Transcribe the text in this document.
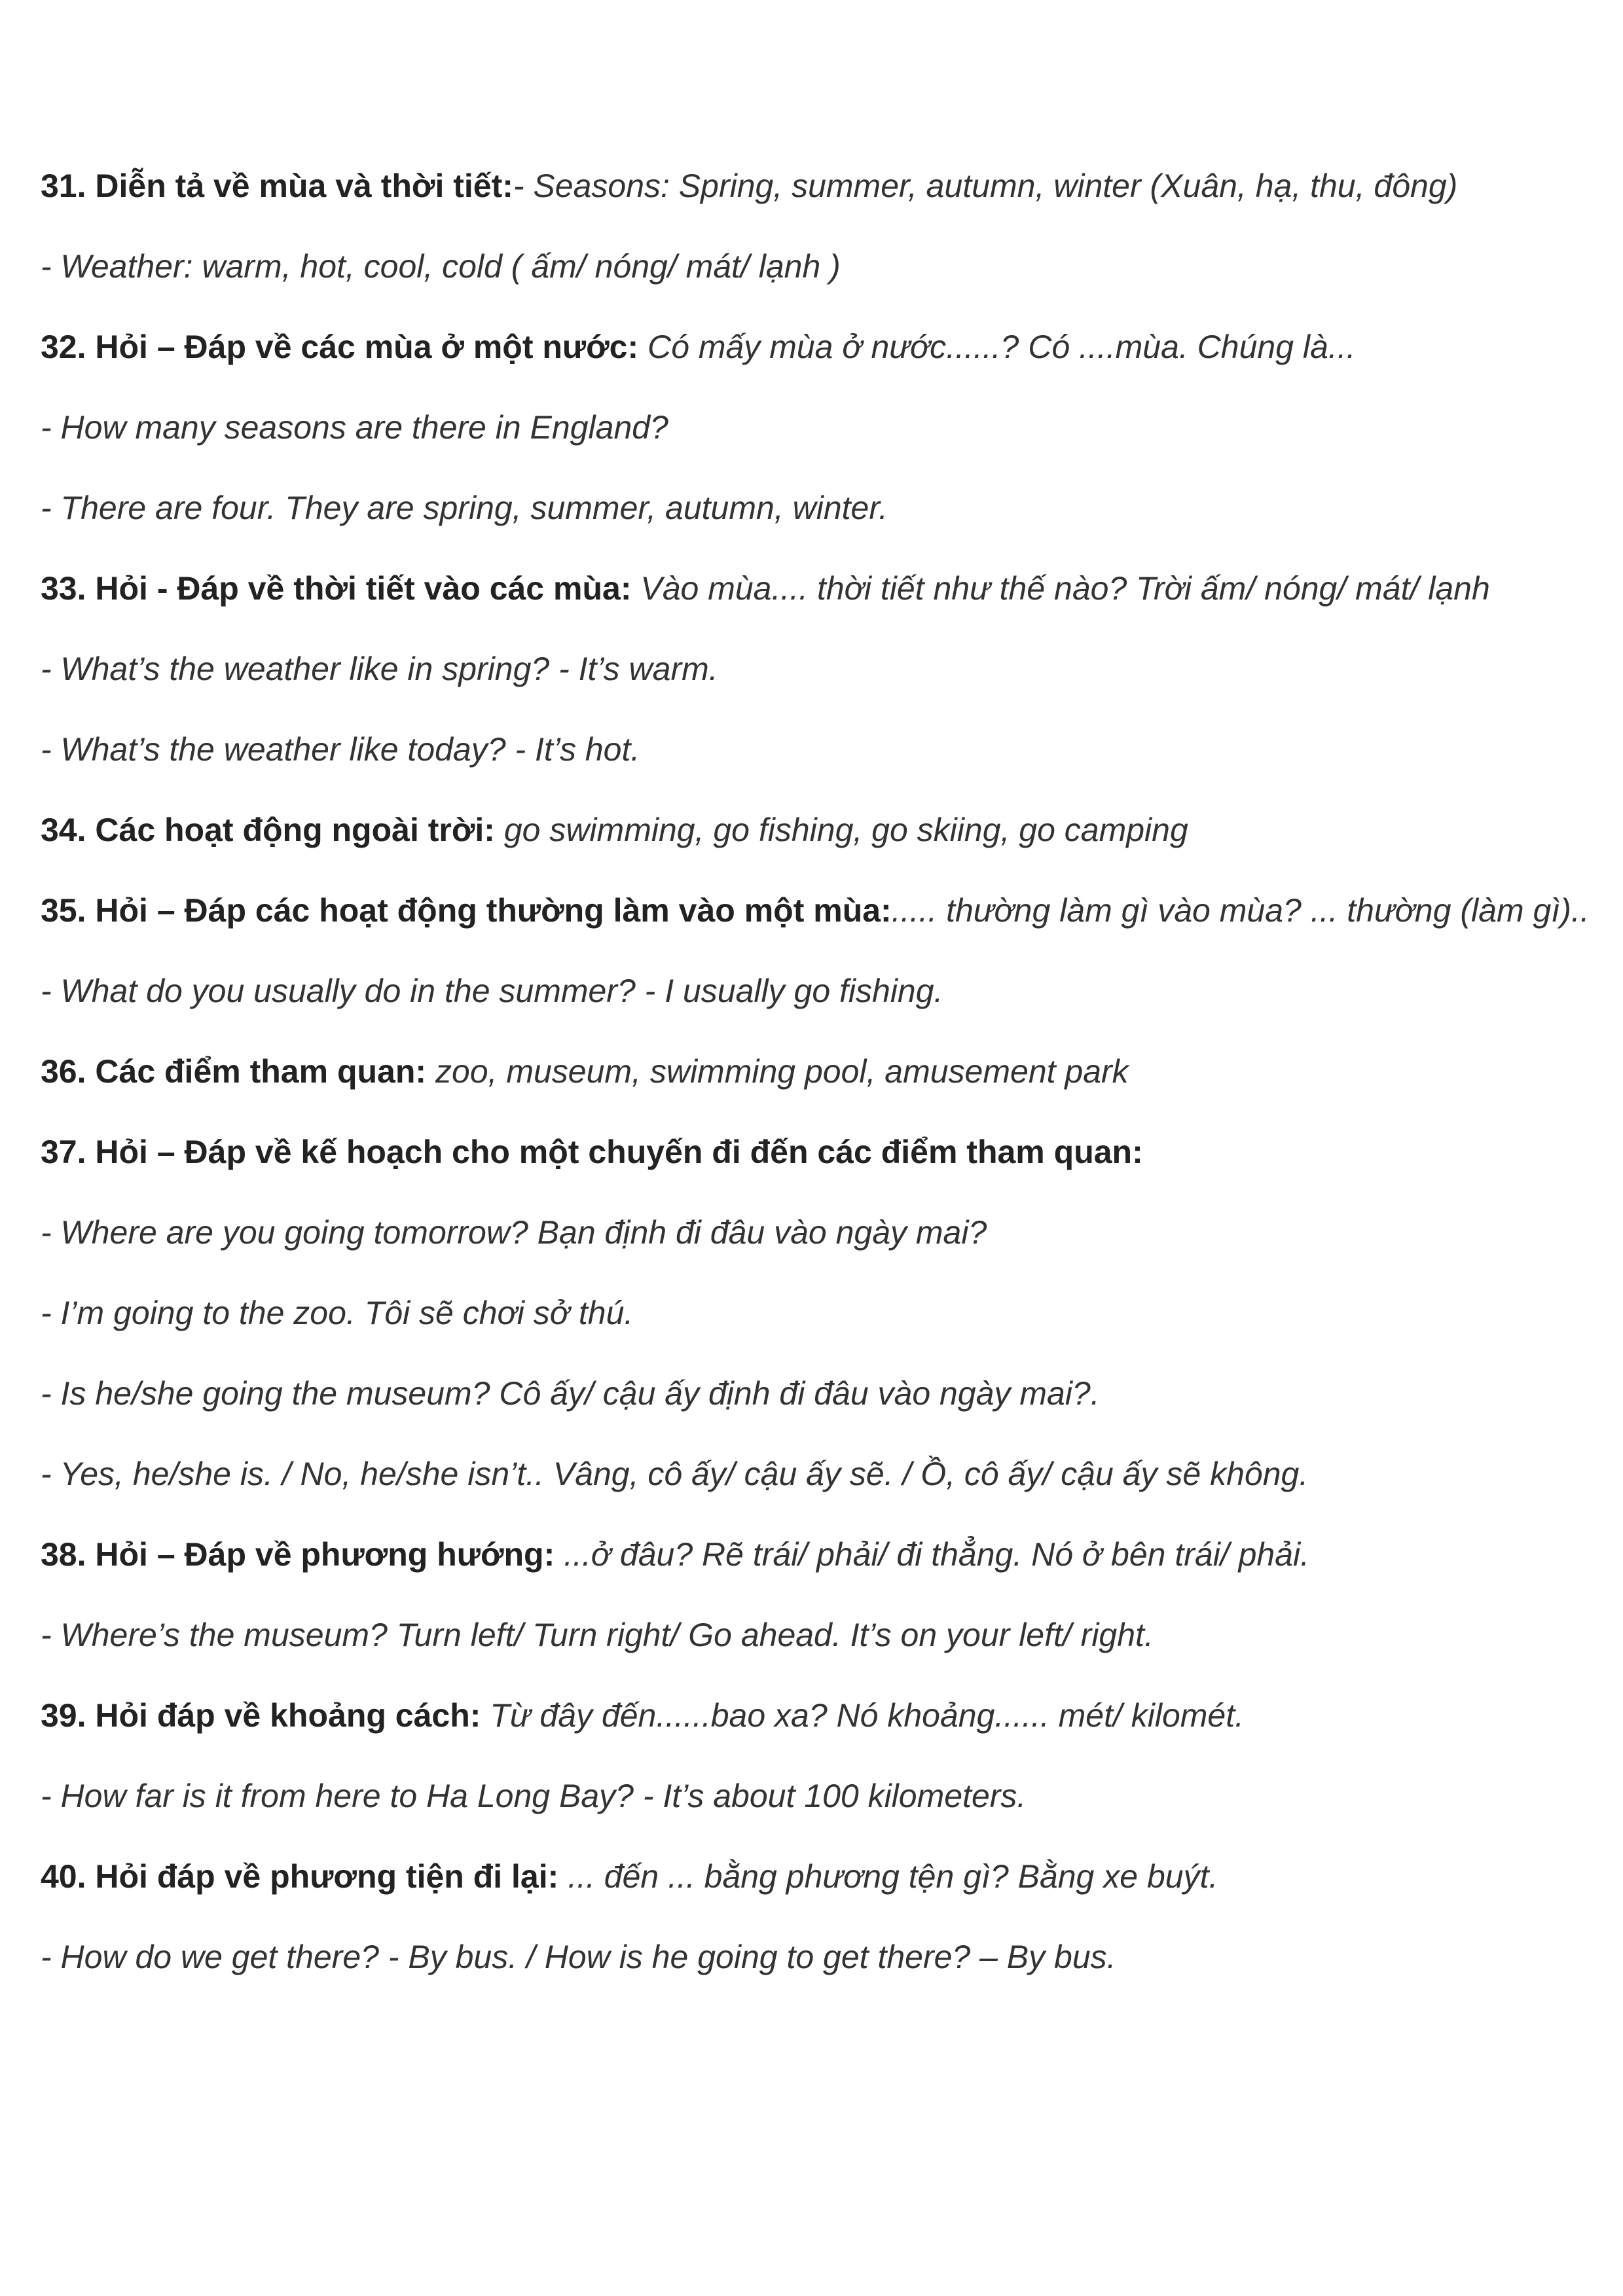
31. Diễn tả về mùa và thời tiết:- Seasons: Spring, summer, autumn, winter (Xuân, hạ, thu, đông)

- Weather: warm, hot, cool, cold ( ấm/ nóng/ mát/ lạnh )

32. Hỏi – Đáp về các mùa ở một nước: Có mấy mùa ở nước......? Có ....mùa. Chúng là...

- How many seasons are there in England?

- There are four. They are spring, summer, autumn, winter.

33. Hỏi - Đáp về thời tiết vào các mùa: Vào mùa.... thời tiết như thế nào? Trời ấm/ nóng/ mát/ lạnh

- What’s the weather like in spring? - It’s warm.

- What’s the weather like today? - It’s hot.

34. Các hoạt động ngoài trời: go swimming, go fishing, go skiing, go camping

35. Hỏi – Đáp các hoạt động thường làm vào một mùa:..... thường làm gì vào mùa? ... thường (làm gì)..

- What do you usually do in the summer? - I usually go fishing.

36. Các điểm tham quan: zoo, museum, swimming pool, amusement park

37. Hỏi – Đáp về kế hoạch cho một chuyến đi đến các điểm tham quan:

- Where are you going tomorrow? Bạn định đi đâu vào ngày mai?

- I’m going to the zoo. Tôi sẽ chơi sở thú.

- Is he/she going the museum? Cô ấy/ cậu ấy định đi đâu vào ngày mai?.

- Yes, he/she is. / No, he/she isn’t.. Vâng, cô ấy/ cậu ấy sẽ. / Ồ, cô ấy/ cậu ấy sẽ không.

38. Hỏi – Đáp về phương hướng: ...ở đâu? Rẽ trái/ phải/ đi thẳng. Nó ở bên trái/ phải.

- Where’s the museum? Turn left/ Turn right/ Go ahead. It’s on your left/ right.

39. Hỏi đáp về khoảng cách: Từ đây đến......bao xa? Nó khoảng...... mét/ kilomét.

- How far is it from here to Ha Long Bay? - It’s about 100 kilometers.

40. Hỏi đáp về phương tiện đi lại: ... đến ... bằng phương tện gì? Bằng xe buýt.

- How do we get there? - By bus. / How is he going to get there? – By bus.
